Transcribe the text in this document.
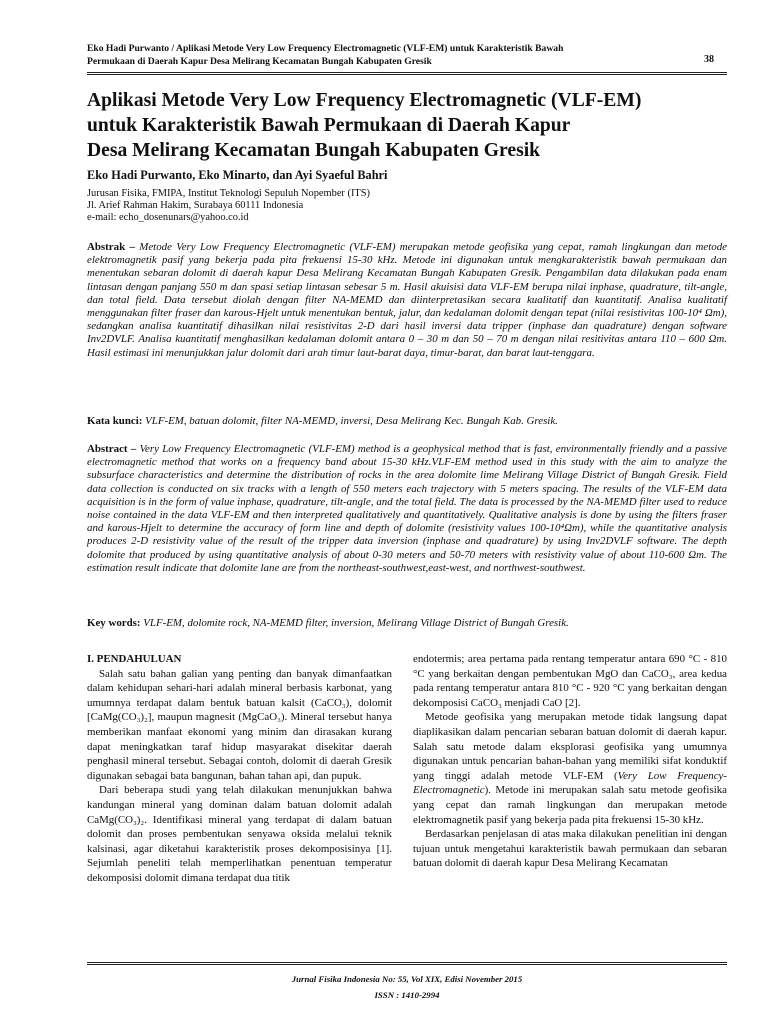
Eko Hadi Purwanto / Aplikasi Metode Very Low Frequency Electromagnetic (VLF-EM) untuk Karakteristik Bawah
Permukaan di Daerah Kapur Desa Melirang Kecamatan Bungah Kabupaten Gresik	38
Aplikasi Metode Very Low Frequency Electromagnetic (VLF-EM)
untuk Karakteristik Bawah Permukaan di Daerah Kapur
Desa Melirang Kecamatan Bungah Kabupaten Gresik
Eko Hadi Purwanto, Eko Minarto, dan Ayi Syaeful Bahri
Jurusan Fisika, FMIPA, Institut Teknologi Sepuluh Nopember (ITS)
Jl. Arief Rahman Hakim, Surabaya 60111 Indonesia
e-mail: echo_dosenunars@yahoo.co.id

Abstrak – Metode Very Low Frequency Electromagnetic (VLF-EM) merupakan metode geofisika yang cepat, ramah lingkungan dan metode elektromagnetik pasif yang bekerja pada pita frekuensi 15-30 kHz. Metode ini digunakan untuk mengkarakteristik bawah permukaan dan menentukan sebaran dolomit di daerah kapur Desa Melirang Kecamatan Bungah Kabupaten Gresik. Pengambilan data dilakukan pada enam lintasan dengan panjang 550 m dan spasi setiap lintasan sebesar 5 m. Hasil akuisisi data VLF-EM berupa nilai inphase, quadrature, tilt-angle, dan total field. Data tersebut diolah dengan filter NA-MEMD dan diinterpretasikan secara kualitatif dan kuantitatif. Analisa kualitatif menggunakan filter fraser dan karous-Hjelt untuk menentukan bentuk, jalur, dan kedalaman dolomit dengan tepat (nilai resistivitas 100-10⁴ Ωm), sedangkan analisa kuantitatif dihasilkan nilai resistivitas 2-D dari hasil inversi data tripper (inphase dan quadrature) dengan software Inv2DVLF. Analisa kuantitatif menghasilkan kedalaman dolomit antara 0 – 30 m dan 50 – 70 m dengan nilai resitivitas antara 110 – 600 Ωm. Hasil estimasi ini menunjukkan jalur dolomit dari arah timur laut-barat daya, timur-barat, dan barat laut-tenggara.

Kata kunci: VLF-EM, batuan dolomit, filter NA-MEMD, inversi, Desa Melirang Kec. Bungah Kab. Gresik.

Abstract – Very Low Frequency Electromagnetic (VLF-EM) method is a geophysical method that is fast, environmentally friendly and a passive electromagnetic method that works on a frequency band about 15-30 kHz.VLF-EM method used in this study with the aim to analyze the subsurface characteristics and determine the distribution of rocks in the area dolomite lime Melirang Village District of Bungah Gresik. Field data collection is conducted on six tracks with a length of 550 meters each trajectory with 5 meters spacing. The results of the VLF-EM data acquisition is in the form of value inphase, quadrature, tilt-angle, and the total field. The data is processed by the NA-MEMD filter used to reduce noise contained in the data VLF-EM and then interpreted qualitatively and quantitatively. Qualitative analysis is done by using the filters fraser and karous-Hjelt to determine the accuracy of form line and depth of dolomite (resistivity values 100-10⁴Ωm), while the quantitative analysis produces 2-D resistivity value of the result of the tripper data inversion (inphase and quadrature) by using Inv2DVLF software. The depth dolomite that produced by using quantitative analysis of about 0-30 meters and 50-70 meters with resistivity value of about 110-600 Ωm. The estimation result indicate that dolomite lane are from the northeast-southwest,east-west, and northwest-southwest.

Key words: VLF-EM, dolomite rock, NA-MEMD filter, inversion, Melirang Village District of Bungah Gresik.

I. PENDAHULUAN

Salah satu bahan galian yang penting dan banyak dimanfaatkan dalam kehidupan sehari-hari adalah mineral berbasis karbonat, yang umumnya terdapat dalam bentuk batuan kalsit (CaCO₃), dolomit [CaMg(CO₃)₂], maupun magnesit (MgCaO₃). Mineral tersebut hanya memberikan manfaat ekonomi yang minim dan dirasakan kurang dapat meningkatkan taraf hidup masyarakat disekitar daerah penghasil mineral tersebut. Sebagai contoh, dolomit di daerah Gresik digunakan sebagai bata bangunan, bahan tahan api, dan pupuk.

Dari beberapa studi yang telah dilakukan menunjukkan bahwa kandungan mineral yang dominan dalam batuan dolomit adalah CaMg(CO₃)₂. Identifikasi mineral yang terdapat di dalam batuan dolomit dan proses pembentukan senyawa oksida melalui teknik kalsinasi, agar diketahui karakteristik proses dekomposisinya [1]. Sejumlah peneliti telah memperlihatkan penentuan temperatur dekomposisi dolomit dimana terdapat dua titik

endotermis; area pertama pada rentang temperatur antara 690 °C - 810 °C yang berkaitan dengan pembentukan MgO dan CaCO₃, area kedua pada rentang temperatur antara 810 °C - 920 °C yang berkaitan dengan dekomposisi CaCO₃ menjadi CaO [2].

Metode geofisika yang merupakan metode tidak langsung dapat diaplikasikan dalam pencarian sebaran batuan dolomit di daerah kapur. Salah satu metode dalam eksplorasi geofisika yang umumnya digunakan untuk pencarian bahan-bahan yang memiliki sifat konduktif yang tinggi adalah metode VLF-EM (Very Low Frequency-Electromagnetic). Metode ini merupakan salah satu metode geofisika yang cepat dan ramah lingkungan dan merupakan metode elektromagnetik pasif yang bekerja pada pita frekuensi 15-30 kHz.

Berdasarkan penjelasan di atas maka dilakukan penelitian ini dengan tujuan untuk mengetahui karakteristik bawah permukaan dan sebaran batuan dolomit di daerah kapur Desa Melirang Kecamatan

Jurnal Fisika Indonesia No: 55, Vol XIX, Edisi November 2015
ISSN : 1410-2994
